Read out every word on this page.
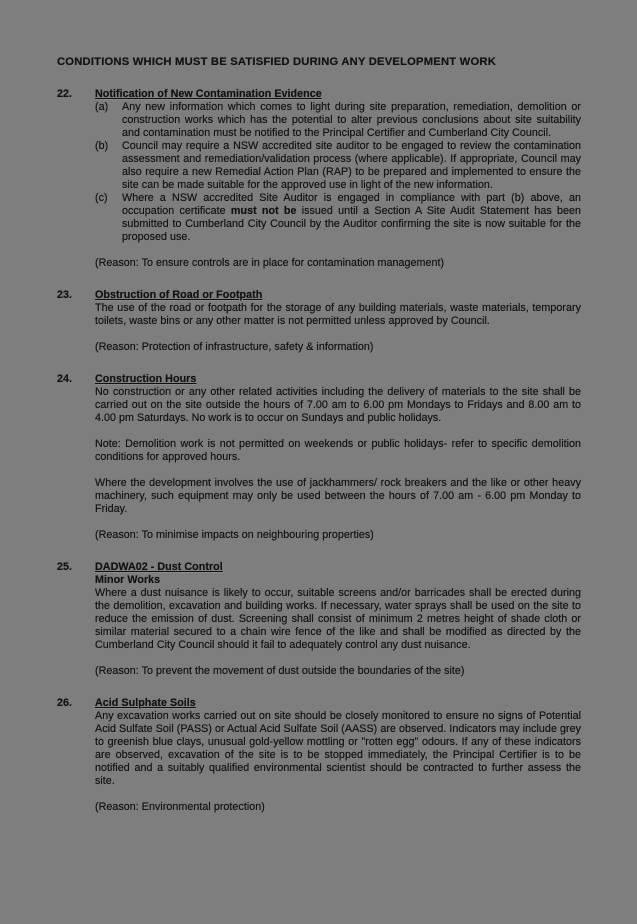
CONDITIONS WHICH MUST BE SATISFIED DURING ANY DEVELOPMENT WORK
22.	Notification of New Contamination Evidence
(a)	Any new information which comes to light during site preparation, remediation, demolition or construction works which has the potential to alter previous conclusions about site suitability and contamination must be notified to the Principal Certifier and Cumberland City Council.
(b)	Council may require a NSW accredited site auditor to be engaged to review the contamination assessment and remediation/validation process (where applicable). If appropriate, Council may also require a new Remedial Action Plan (RAP) to be prepared and implemented to ensure the site can be made suitable for the approved use in light of the new information.
(c)	Where a NSW accredited Site Auditor is engaged in compliance with part (b) above, an occupation certificate must not be issued until a Section A Site Audit Statement has been submitted to Cumberland City Council by the Auditor confirming the site is now suitable for the proposed use.
(Reason: To ensure controls are in place for contamination management)
23.	Obstruction of Road or Footpath

The use of the road or footpath for the storage of any building materials, waste materials, temporary toilets, waste bins or any other matter is not permitted unless approved by Council.

(Reason: Protection of infrastructure, safety & information)
24.	Construction Hours

No construction or any other related activities including the delivery of materials to the site shall be carried out on the site outside the hours of 7.00 am to 6.00 pm Mondays to Fridays and 8.00 am to 4.00 pm Saturdays. No work is to occur on Sundays and public holidays.

Note: Demolition work is not permitted on weekends or public holidays- refer to specific demolition conditions for approved hours.

Where the development involves the use of jackhammers/ rock breakers and the like or other heavy machinery, such equipment may only be used between the hours of 7.00 am - 6.00 pm Monday to Friday.

(Reason: To minimise impacts on neighbouring properties)
25.	DADWA02 - Dust Control
Minor Works

Where a dust nuisance is likely to occur, suitable screens and/or barricades shall be erected during the demolition, excavation and building works. If necessary, water sprays shall be used on the site to reduce the emission of dust. Screening shall consist of minimum 2 metres height of shade cloth or similar material secured to a chain wire fence of the like and shall be modified as directed by the Cumberland City Council should it fail to adequately control any dust nuisance.

(Reason: To prevent the movement of dust outside the boundaries of the site)
26.	Acid Sulphate Soils

Any excavation works carried out on site should be closely monitored to ensure no signs of Potential Acid Sulfate Soil (PASS) or Actual Acid Sulfate Soil (AASS) are observed. Indicators may include grey to greenish blue clays, unusual gold-yellow mottling or "rotten egg" odours. If any of these indicators are observed, excavation of the site is to be stopped immediately, the Principal Certifier is to be notified and a suitably qualified environmental scientist should be contracted to further assess the site.

(Reason: Environmental protection)
